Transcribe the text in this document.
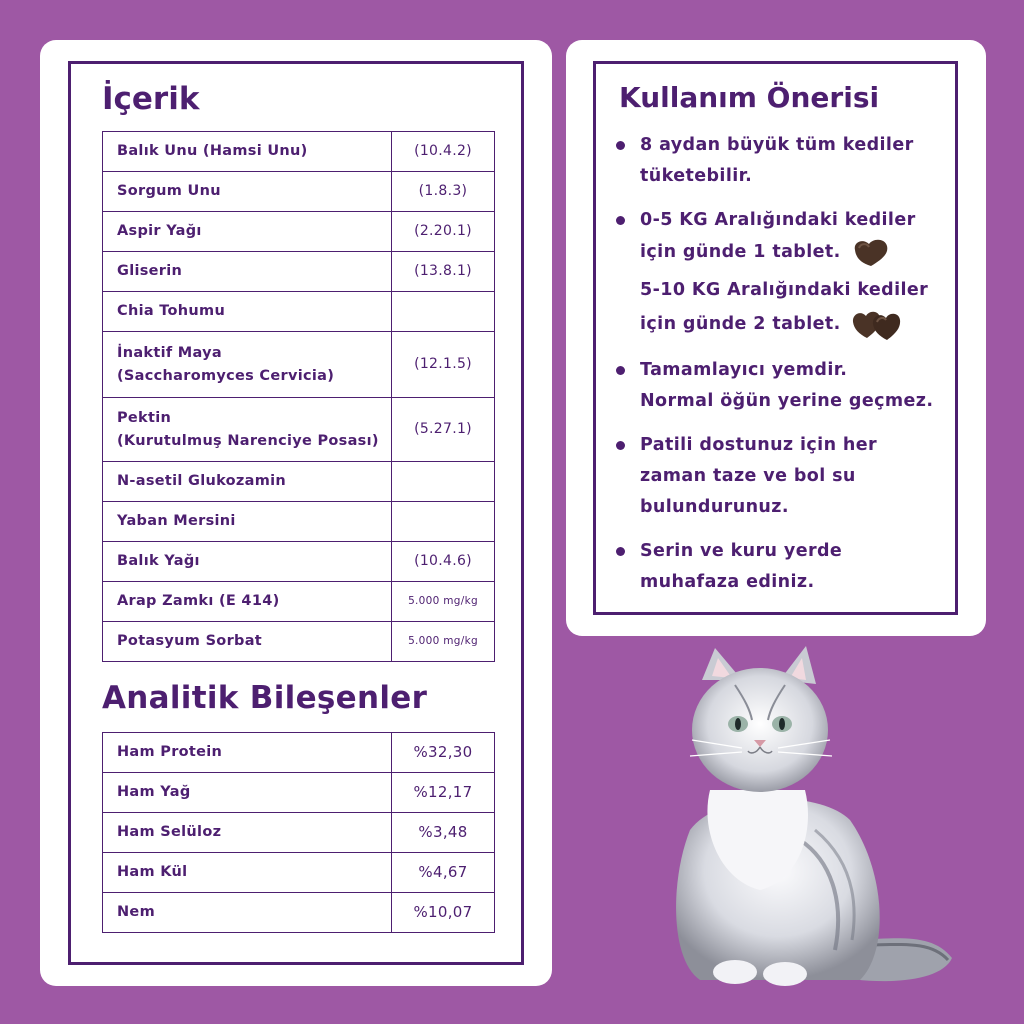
İçerik
Balık Unu (Hamsi Unu)	(10.4.2)
Sorgum Unu	(1.8.3)
Aspir Yağı	(2.20.1)
Gliserin	(13.8.1)
Chia Tohumu	

İnaktif Maya
(Saccharomyces Cervicia)	(12.1.5)

Pektin
(Kurutulmuş Narenciye Posası)	(5.27.1)
N-asetil Glukozamin	
Yaban Mersini	
Balık Yağı	(10.4.6)
Arap Zamkı (E 414)	5.000 mg/kg
Potasyum Sorbat	5.000 mg/kg
Analitik Bileşenler
Ham Protein	%32,30
Ham Yağ	%12,17
Ham Selüloz	%3,48
Ham Kül	%4,67
Nem	%10,07
Kullanım Önerisi
8 aydan büyük tüm kediler
tüketebilir.
0-5 KG Aralığındaki kediler
için günde 1 tablet.
5-10 KG Aralığındaki kediler
için günde 2 tablet.
Tamamlayıcı yemdir.
Normal öğün yerine geçmez.
Patili dostunuz için her
zaman taze ve bol su
bulundurunuz.
Serin ve kuru yerde
muhafaza ediniz.
